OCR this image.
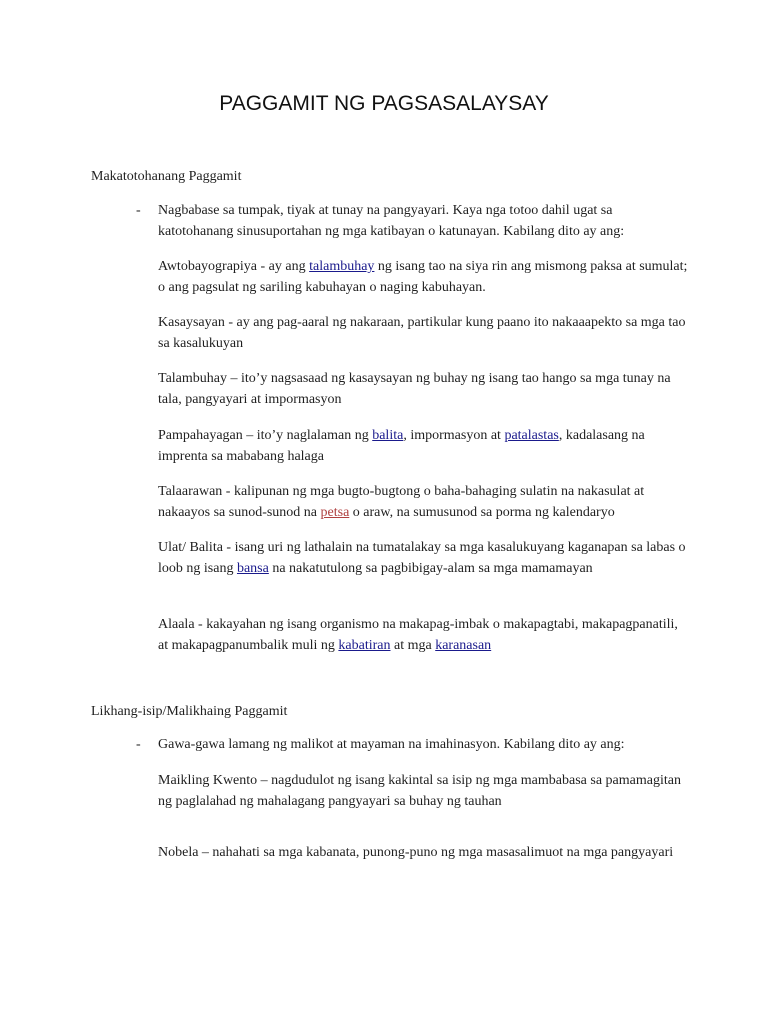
PAGGAMIT NG PAGSASALAYSAY

Makatotohanang Paggamit

- Nagbabase sa tumpak, tiyak at tunay na pangyayari. Kaya nga totoo dahil ugat sa katotohanang sinusuportahan ng mga katibayan o katunayan. Kabilang dito ay ang:

Awtobayograpiya - ay ang talambuhay ng isang tao na siya rin ang mismong paksa at sumulat; o ang pagsulat ng sariling kabuhayan o naging kabuhayan.

Kasaysayan - ay ang pag-aaral ng nakaraan, partikular kung paano ito nakaaapekto sa mga tao sa kasalukuyan

Talambuhay – ito’y nagsasaad ng kasaysayan ng buhay ng isang tao hango sa mga tunay na tala, pangyayari at impormasyon

Pampahayagan – ito’y naglalaman ng balita, impormasyon at patalastas, kadalasang na imprenta sa mababang halaga

Talaarawan - kalipunan ng mga bugto-bugtong o baha-bahaging sulatin na nakasulat at nakaayos sa sunod-sunod na petsa o araw, na sumusunod sa porma ng kalendaryo

Ulat/ Balita - isang uri ng lathalain na tumatalakay sa mga kasalukuyang kaganapan sa labas o loob ng isang bansa na nakatutulong sa pagbibigay-alam sa mga mamamayan

Alaala - kakayahan ng isang organismo na makapag-imbak o makapagtabi, makapagpanatili, at makapagpanumbalik muli ng kabatiran at mga karanasan

Likhang-isip/Malikhaing Paggamit

- Gawa-gawa lamang ng malikot at mayaman na imahinasyon. Kabilang dito ay ang:

Maikling Kwento – nagdudulot ng isang kakintal sa isip ng mga mambabasa sa pamamagitan ng paglalahad ng mahalagang pangyayari sa buhay ng tauhan

Nobela – nahahati sa mga kabanata, punong-puno ng mga masasalimuot na mga pangyayari
